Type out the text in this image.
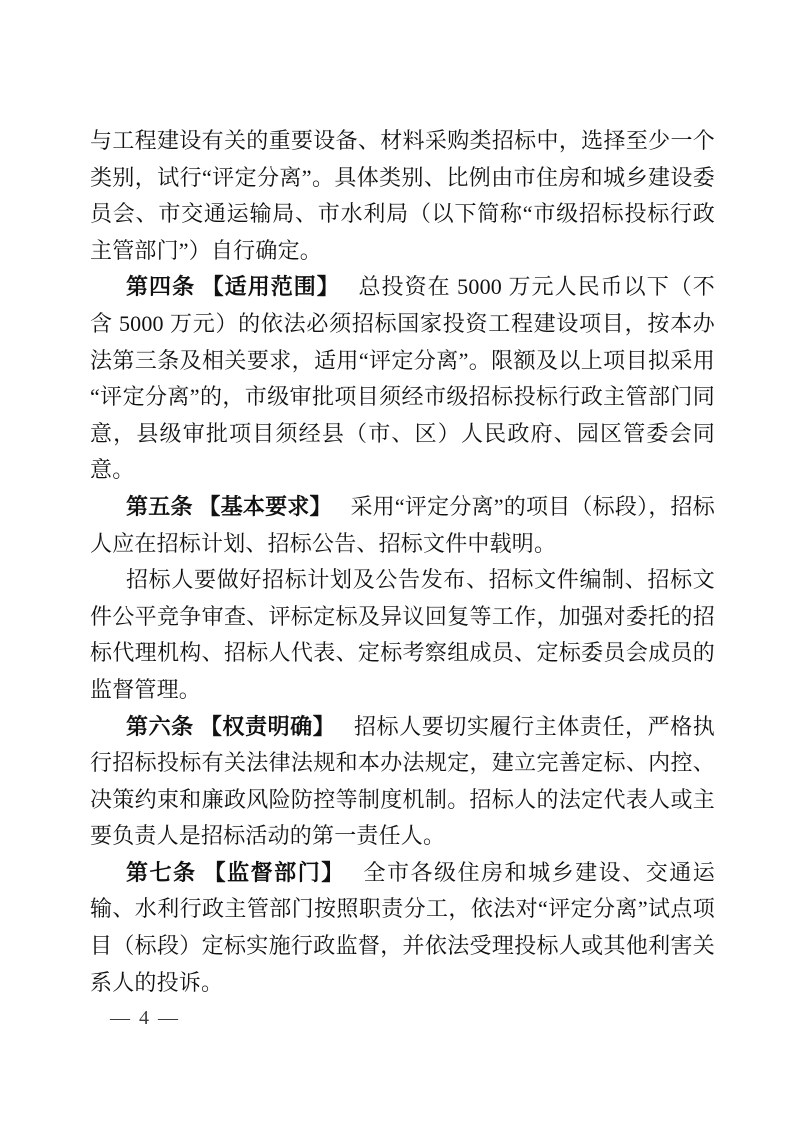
与工程建设有关的重要设备、材料采购类招标中，选择至少一个类别，试行“评定分离”。具体类别、比例由市住房和城乡建设委员会、市交通运输局、市水利局（以下简称“市级招标投标行政主管部门”）自行确定。

第四条 【适用范围】 总投资在 5000 万元人民币以下（不含 5000 万元）的依法必须招标国家投资工程建设项目，按本办法第三条及相关要求，适用“评定分离”。限额及以上项目拟采用“评定分离”的，市级审批项目须经市级招标投标行政主管部门同意，县级审批项目须经县（市、区）人民政府、园区管委会同意。

第五条 【基本要求】 采用“评定分离”的项目（标段），招标人应在招标计划、招标公告、招标文件中载明。

招标人要做好招标计划及公告发布、招标文件编制、招标文件公平竞争审查、评标定标及异议回复等工作，加强对委托的招标代理机构、招标人代表、定标考察组成员、定标委员会成员的监督管理。

第六条 【权责明确】 招标人要切实履行主体责任，严格执行招标投标有关法律法规和本办法规定，建立完善定标、内控、决策约束和廉政风险防控等制度机制。招标人的法定代表人或主要负责人是招标活动的第一责任人。

第七条 【监督部门】 全市各级住房和城乡建设、交通运输、水利行政主管部门按照职责分工，依法对“评定分离”试点项目（标段）定标实施行政监督，并依法受理投标人或其他利害关系人的投诉。

— 4 —
